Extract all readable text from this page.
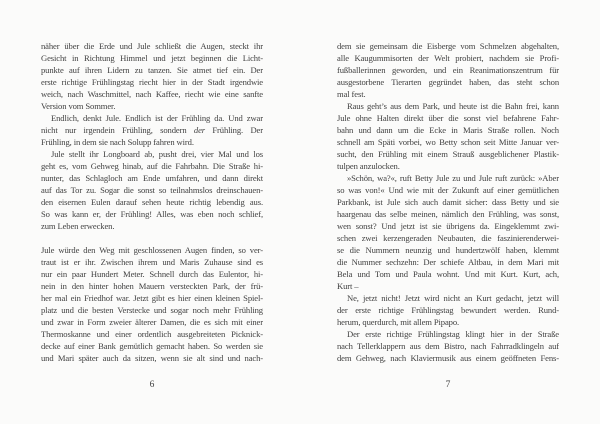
näher über die Erde und Jule schließt die Augen, steckt ihr
Gesicht in Richtung Himmel und jetzt beginnen die Licht-
punkte auf ihren Lidern zu tanzen. Sie atmet tief ein. Der
erste richtige Frühlingstag riecht hier in der Stadt irgendwie
weich, nach Waschmittel, nach Kaffee, riecht wie eine sanfte
Version vom Sommer.
Endlich, denkt Jule. Endlich ist der Frühling da. Und zwar
nicht nur irgendein Frühling, sondern der Frühling. Der
Frühling, in dem sie nach Solupp fahren wird.
Jule stellt ihr Longboard ab, pusht drei, vier Mal und los
geht es, vom Gehweg hinab, auf die Fahrbahn. Die Straße hi-
nunter, das Schlagloch am Ende umfahren, und dann direkt
auf das Tor zu. Sogar die sonst so teilnahmslos dreinschauen-
den eisernen Eulen darauf sehen heute richtig lebendig aus.
So was kann er, der Frühling! Alles, was eben noch schlief,
zum Leben erwecken.
Jule würde den Weg mit geschlossenen Augen finden, so ver-
traut ist er ihr. Zwischen ihrem und Maris Zuhause sind es
nur ein paar Hundert Meter. Schnell durch das Eulentor, hi-
nein in den hinter hohen Mauern versteckten Park, der frü-
her mal ein Friedhof war. Jetzt gibt es hier einen kleinen Spiel-
platz und die besten Verstecke und sogar noch mehr Frühling
und zwar in Form zweier älterer Damen, die es sich mit einer
Thermoskanne und einer ordentlich ausgebreiteten Picknick-
decke auf einer Bank gemütlich gemacht haben. So werden sie
und Mari später auch da sitzen, wenn sie alt sind und nach-
6
dem sie gemeinsam die Eisberge vom Schmelzen abgehalten,
alle Kaugummisorten der Welt probiert, nachdem sie Profi-
fußballerinnen geworden, und ein Reanimationszentrum für
ausgestorbene Tierarten gegründet haben, das steht schon
mal fest.
Raus geht’s aus dem Park, und heute ist die Bahn frei, kann
Jule ohne Halten direkt über die sonst viel befahrene Fahr-
bahn und dann um die Ecke in Maris Straße rollen. Noch
schnell am Späti vorbei, wo Betty schon seit Mitte Januar ver-
sucht, den Frühling mit einem Strauß ausgeblichener Plastik-
tulpen anzulocken.
»Schön, wa?«, ruft Betty Jule zu und Jule ruft zurück: »Aber
so was von!« Und wie mit der Zukunft auf einer gemütlichen
Parkbank, ist Jule sich auch damit sicher: dass Betty und sie
haargenau das selbe meinen, nämlich den Frühling, was sonst,
wen sonst? Und jetzt ist sie übrigens da. Eingeklemmt zwi-
schen zwei kerzengeraden Neubauten, die faszinierenderwei-
se die Nummern neunzig und hundertzwölf haben, klemmt
die Nummer sechzehn: Der schiefe Altbau, in dem Mari mit
Bela und Tom und Paula wohnt. Und mit Kurt. Kurt, ach,
Kurt –
Ne, jetzt nicht! Jetzt wird nicht an Kurt gedacht, jetzt will
der erste richtige Frühlingstag bewundert werden. Rund-
herum, querdurch, mit allem Pipapo.
Der erste richtige Frühlingstag klingt hier in der Straße
nach Tellerklappern aus dem Bistro, nach Fahrradklingeln auf
dem Gehweg, nach Klaviermusik aus einem geöffneten Fens-
7
